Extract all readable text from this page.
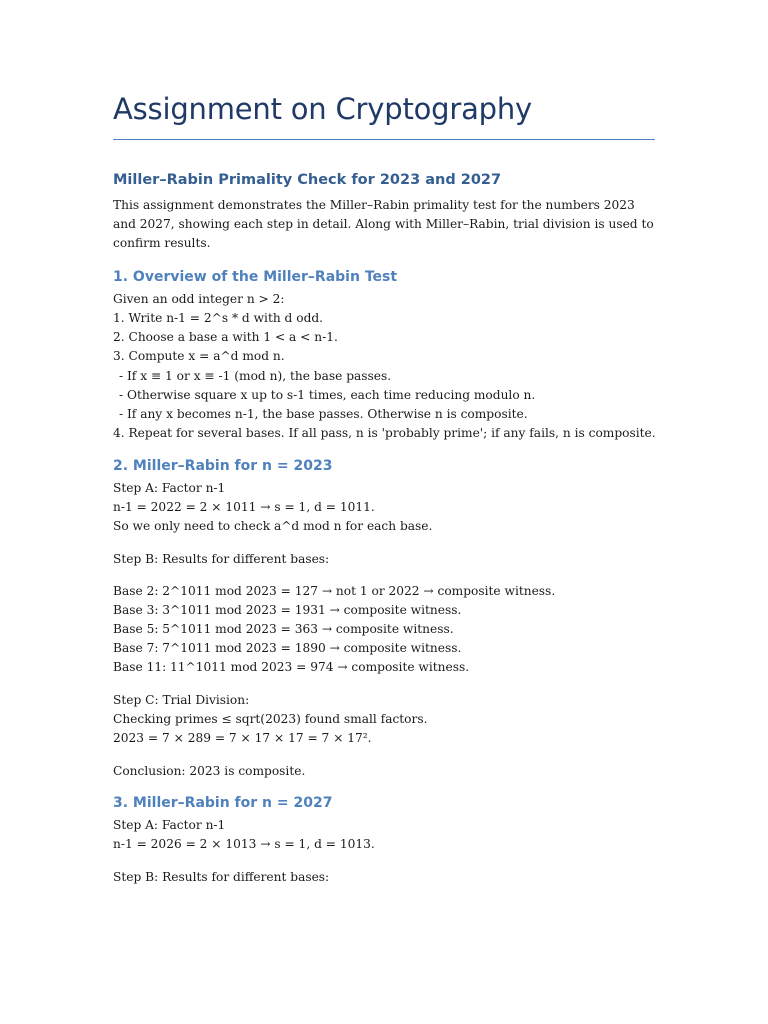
Assignment on Cryptography
Miller–Rabin Primality Check for 2023 and 2027
This assignment demonstrates the Miller–Rabin primality test for the numbers 2023 and 2027, showing each step in detail. Along with Miller–Rabin, trial division is used to confirm results.
1. Overview of the Miller–Rabin Test
Given an odd integer n > 2:
1. Write n-1 = 2^s * d with d odd.
2. Choose a base a with 1 < a < n-1.
3. Compute x = a^d mod n.
- If x ≡ 1 or x ≡ -1 (mod n), the base passes.
- Otherwise square x up to s-1 times, each time reducing modulo n.
- If any x becomes n-1, the base passes. Otherwise n is composite.
4. Repeat for several bases. If all pass, n is 'probably prime'; if any fails, n is composite.
2. Miller–Rabin for n = 2023
Step A: Factor n-1
n-1 = 2022 = 2 × 1011 → s = 1, d = 1011.
So we only need to check a^d mod n for each base.
Step B: Results for different bases:
Base 2: 2^1011 mod 2023 = 127 → not 1 or 2022 → composite witness.
Base 3: 3^1011 mod 2023 = 1931 → composite witness.
Base 5: 5^1011 mod 2023 = 363 → composite witness.
Base 7: 7^1011 mod 2023 = 1890 → composite witness.
Base 11: 11^1011 mod 2023 = 974 → composite witness.
Step C: Trial Division:
Checking primes ≤ sqrt(2023) found small factors.
2023 = 7 × 289 = 7 × 17 × 17 = 7 × 17².
Conclusion: 2023 is composite.
3. Miller–Rabin for n = 2027
Step A: Factor n-1
n-1 = 2026 = 2 × 1013 → s = 1, d = 1013.
Step B: Results for different bases:
